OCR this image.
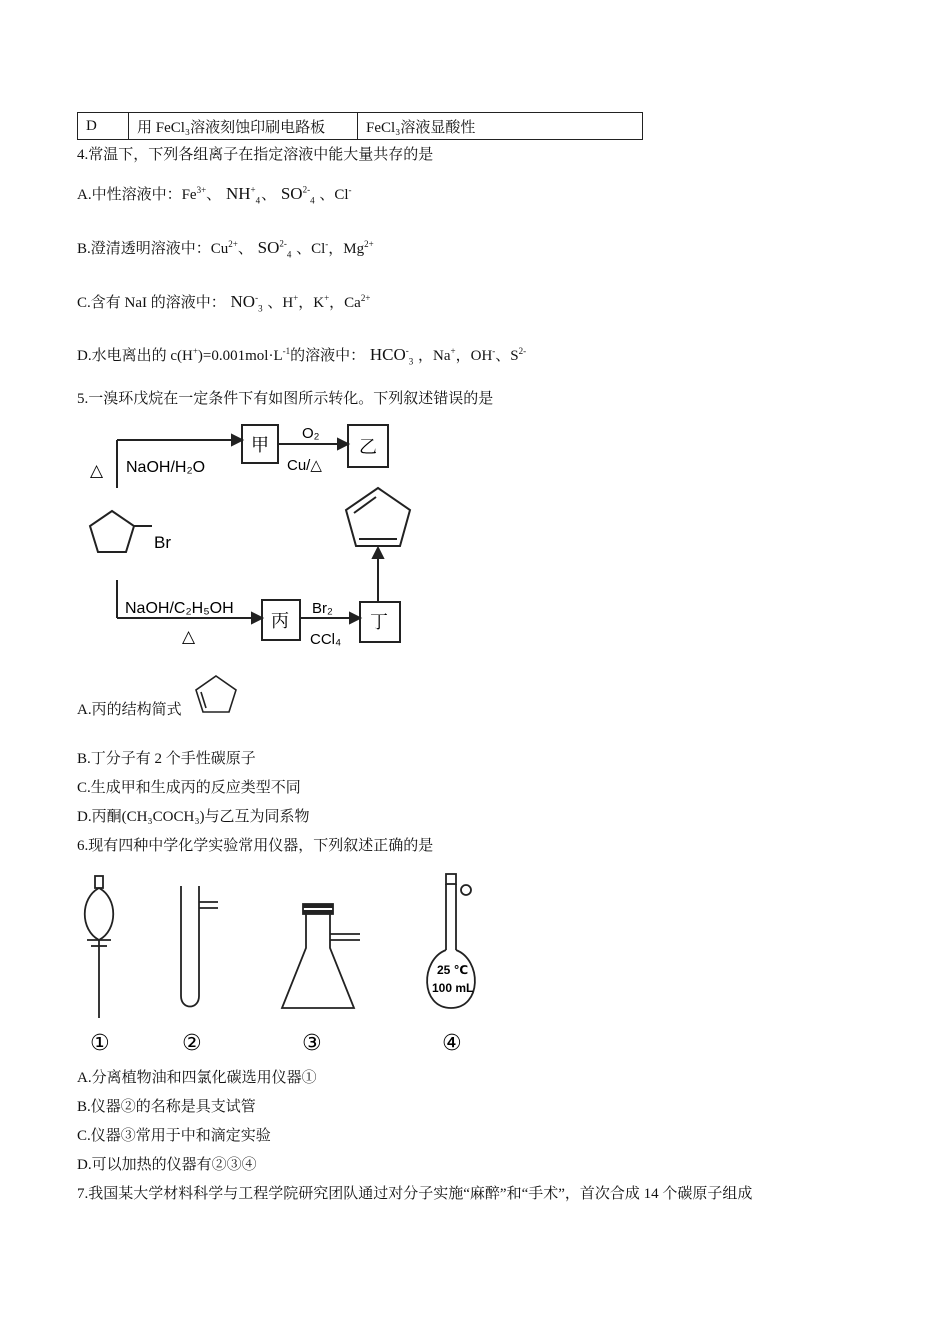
D	用 FeCl₃溶液刻蚀印刷电路板	FeCl₃溶液显酸性
4.常温下，下列各组离子在指定溶液中能大量共存的是
A.中性溶液中：$Fe^{3+}$、 $NH^+_4$、 $SO^{2-}_4$ 、Cl-
B.澄清透明溶液中：$Cu^{2+}$、 $SO^{2-}_4$ 、Cl-，$Mg^{2+}$
C.含有 NaI 的溶液中： $NO^-_3$ 、H+，K+，$Ca^{2+}$
D.水电离出的 $c(H^+)=0.001mol\cdot L^{-1}$的溶液中： $HCO^-_3$ ，Na+，OH-、$S^{2-}$
5.一溴环戊烷在一定条件下有如图所示转化。下列叙述错误的是
△ NaOH/H₂O
甲
O₂
Cu/△
乙
Br
NaOH/C₂H₅OH
△
丙
Br₂
CCl₄
丁
A.丙的结构简式
B.丁分子有 2 个手性碳原子
C.生成甲和生成丙的反应类型不同
D.丙酮(CH₃COCH₃)与乙互为同系物
6.现有四种中学化学实验常用仪器，下列叙述正确的是
25 ℃
100 mL
①	②	③	④
A.分离植物油和四氯化碳选用仪器①
B.仪器②的名称是具支试管
C.仪器③常用于中和滴定实验
D.可以加热的仪器有②③④
7.我国某大学材料科学与工程学院研究团队通过对分子实施“麻醉”和“手术”，首次合成 14 个碳原子组成
